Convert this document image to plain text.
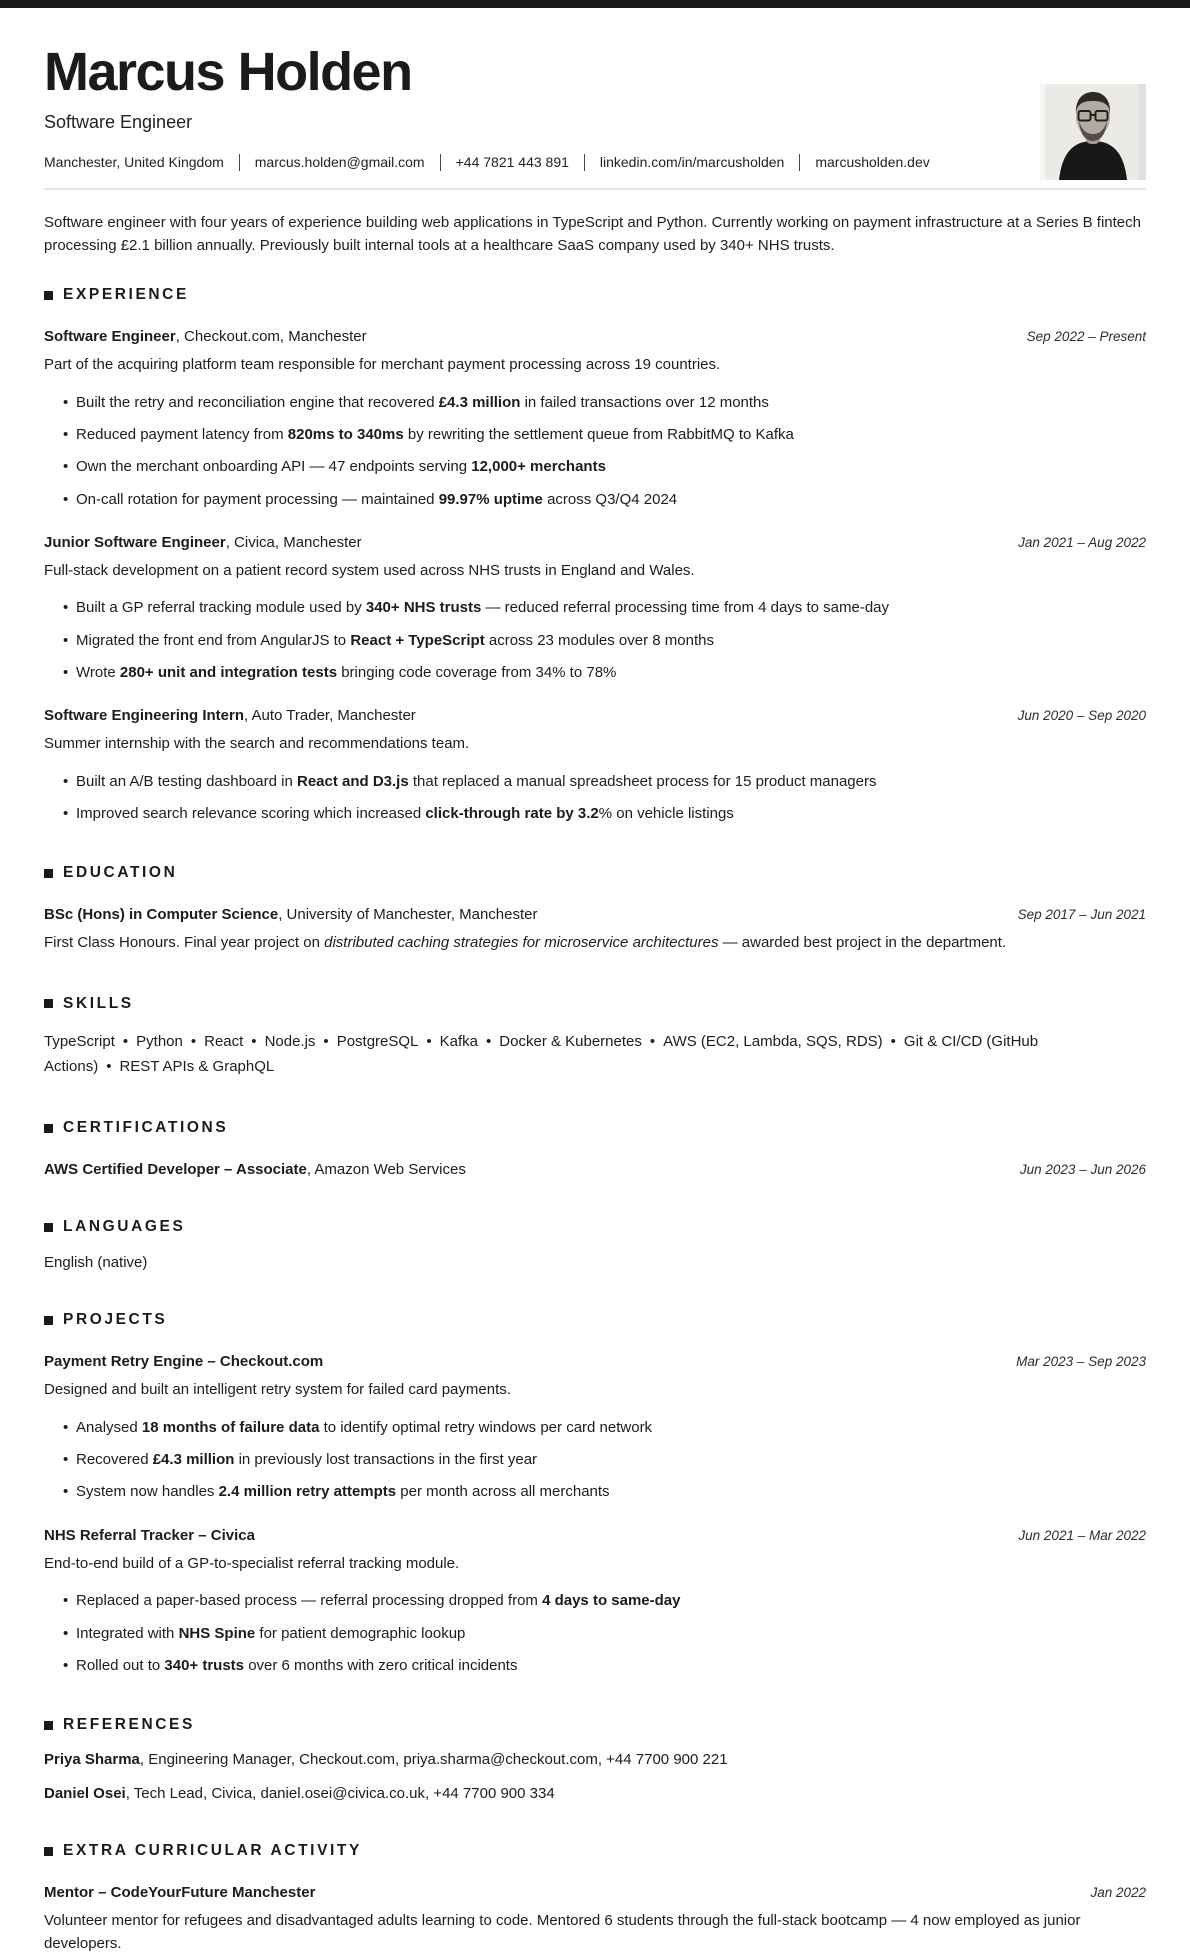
Marcus Holden
Software Engineer
Manchester, United Kingdom marcus.holden@gmail.com +44 7821 443 891 linkedin.com/in/marcusholden marcusholden.dev

Software engineer with four years of experience building web applications in TypeScript and Python. Currently working on payment infrastructure at a Series B fintech processing £2.1 billion annually. Previously built internal tools at a healthcare SaaS company used by 340+ NHS trusts.

EXPERIENCE
Software Engineer, Checkout.com, Manchester	Sep 2022 – Present

Part of the acquiring platform team responsible for merchant payment processing across 19 countries.

• Built the retry and reconciliation engine that recovered £4.3 million in failed transactions over 12 months
• Reduced payment latency from 820ms to 340ms by rewriting the settlement queue from RabbitMQ to Kafka
• Own the merchant onboarding API — 47 endpoints serving 12,000+ merchants
• On-call rotation for payment processing — maintained 99.97% uptime across Q3/Q4 2024
Junior Software Engineer, Civica, Manchester	Jan 2021 – Aug 2022

Full-stack development on a patient record system used across NHS trusts in England and Wales.

• Built a GP referral tracking module used by 340+ NHS trusts — reduced referral processing time from 4 days to same-day
• Migrated the front end from AngularJS to React + TypeScript across 23 modules over 8 months
• Wrote 280+ unit and integration tests bringing code coverage from 34% to 78%
Software Engineering Intern, Auto Trader, Manchester	Jun 2020 – Sep 2020

Summer internship with the search and recommendations team.

• Built an A/B testing dashboard in React and D3.js that replaced a manual spreadsheet process for 15 product managers
• Improved search relevance scoring which increased click-through rate by 3.2% on vehicle listings
EDUCATION
BSc (Hons) in Computer Science, University of Manchester, Manchester	Sep 2017 – Jun 2021

First Class Honours. Final year project on distributed caching strategies for microservice architectures — awarded best project in the department.

SKILLS

TypeScript • Python • React • Node.js • PostgreSQL • Kafka • Docker & Kubernetes • AWS (EC2, Lambda, SQS, RDS) • Git & CI/CD (GitHub Actions) • REST APIs & GraphQL

CERTIFICATIONS
AWS Certified Developer – Associate, Amazon Web Services	Jun 2023 – Jun 2026
LANGUAGES

English (native)

PROJECTS
Payment Retry Engine – Checkout.com	Mar 2023 – Sep 2023

Designed and built an intelligent retry system for failed card payments.

• Analysed 18 months of failure data to identify optimal retry windows per card network
• Recovered £4.3 million in previously lost transactions in the first year
• System now handles 2.4 million retry attempts per month across all merchants
NHS Referral Tracker – Civica	Jun 2021 – Mar 2022

End-to-end build of a GP-to-specialist referral tracking module.

• Replaced a paper-based process — referral processing dropped from 4 days to same-day
• Integrated with NHS Spine for patient demographic lookup
• Rolled out to 340+ trusts over 6 months with zero critical incidents
REFERENCES

Priya Sharma, Engineering Manager, Checkout.com, priya.sharma@checkout.com, +44 7700 900 221

Daniel Osei, Tech Lead, Civica, daniel.osei@civica.co.uk, +44 7700 900 334

EXTRA CURRICULAR ACTIVITY
Mentor – CodeYourFuture Manchester	Jan 2022

Volunteer mentor for refugees and disadvantaged adults learning to code. Mentored 6 students through the full-stack bootcamp — 4 now employed as junior developers.
